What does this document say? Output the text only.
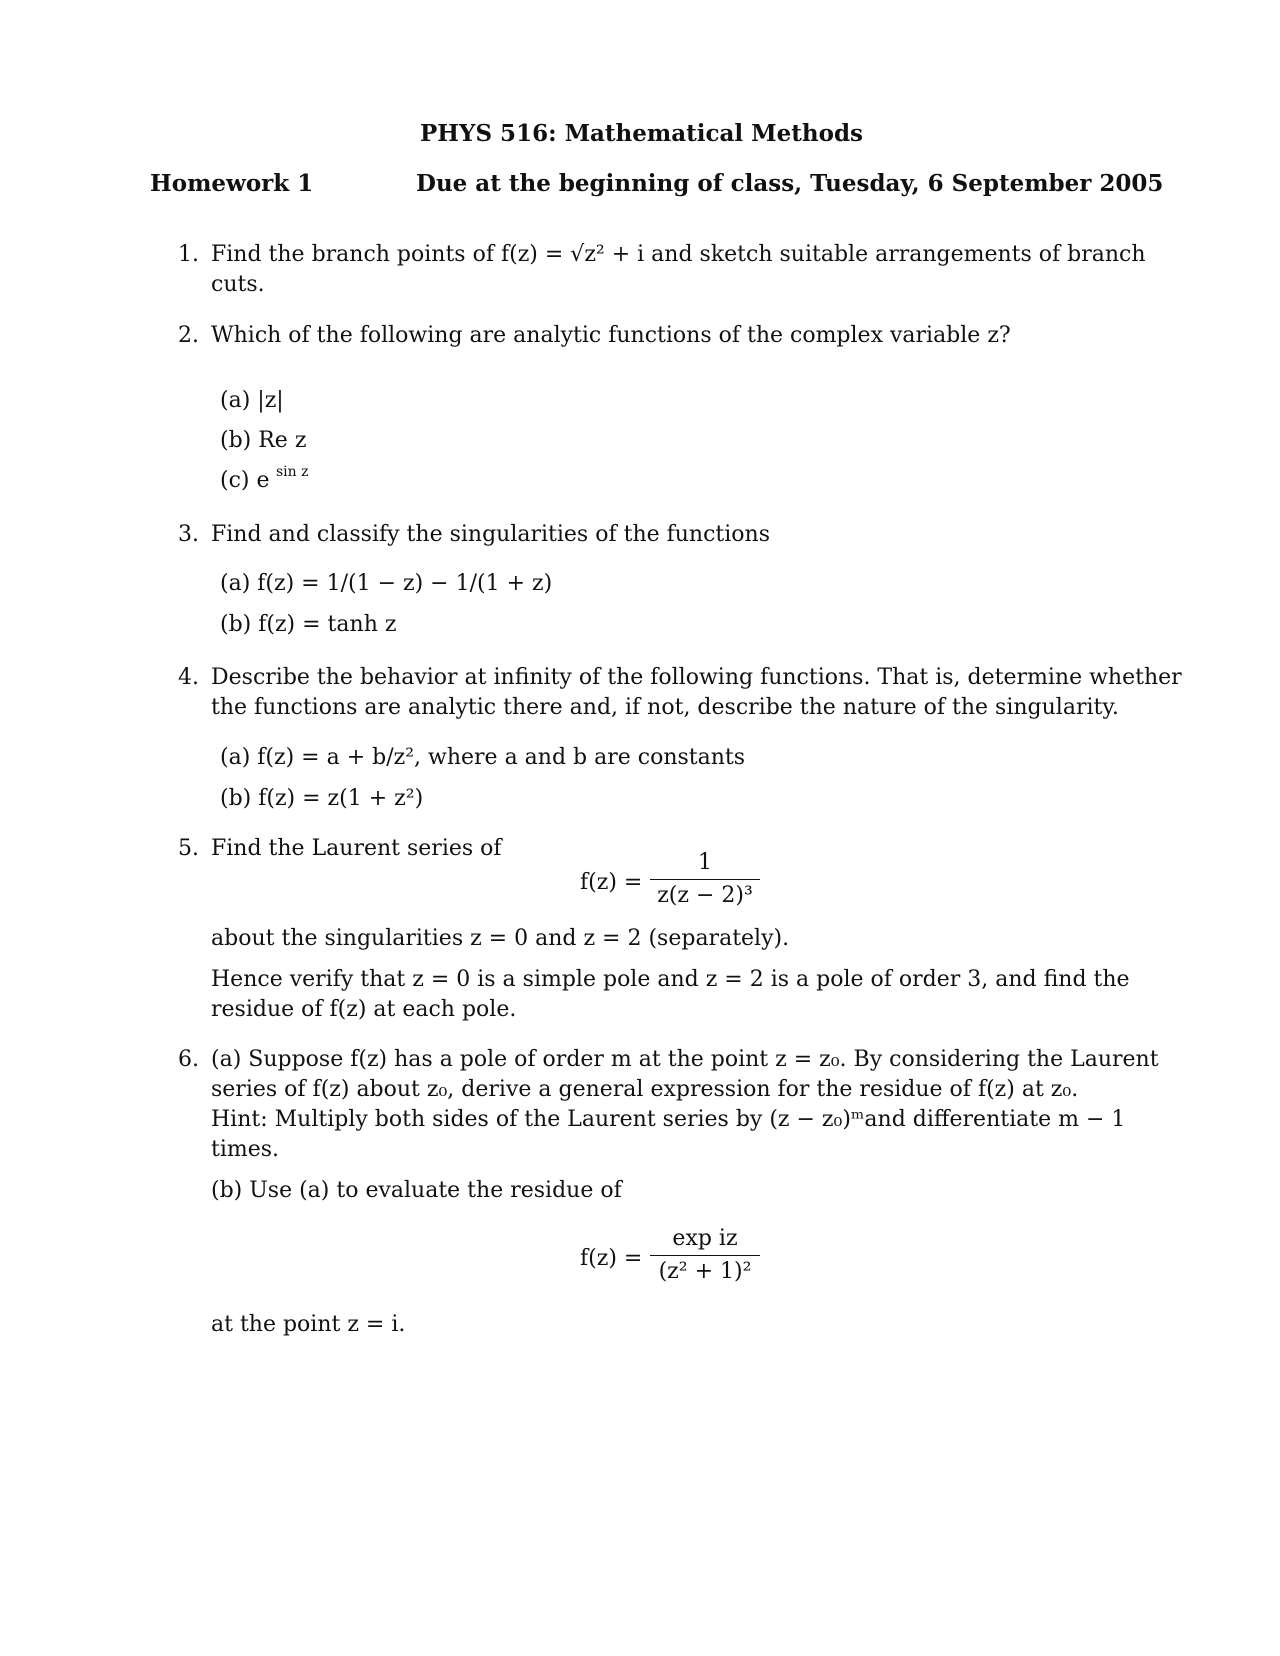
PHYS 516: Mathematical Methods
Homework 1	Due at the beginning of class, Tuesday, 6 September 2005
1. Find the branch points of f(z) = √z² + i and sketch suitable arrangements of branch
cuts.
2. Which of the following are analytic functions of the complex variable z?
(a) |z|
(b) Re z
(c) e sin z
3. Find and classify the singularities of the functions
(a) f(z) = 1/(1 − z) − 1/(1 + z)
(b) f(z) = tanh z
4. Describe the behavior at infinity of the following functions. That is, determine whether
the functions are analytic there and, if not, describe the nature of the singularity.
(a) f(z) = a + b/z², where a and b are constants
(b) f(z) = z(1 + z²)
5. Find the Laurent series of
f(z) =
1
z(z − 2)³
about the singularities z = 0 and z = 2 (separately).
Hence verify that z = 0 is a simple pole and z = 2 is a pole of order 3, and find the
residue of f(z) at each pole.
6. (a) Suppose f(z) has a pole of order m at the point z = z₀. By considering the Laurent
series of f(z) about z₀, derive a general expression for the residue of f(z) at z₀.
Hint: Multiply both sides of the Laurent series by (z − z₀)ᵐand differentiate m − 1
times.
(b) Use (a) to evaluate the residue of
f(z) =
exp iz
(z² + 1)²
at the point z = i.
